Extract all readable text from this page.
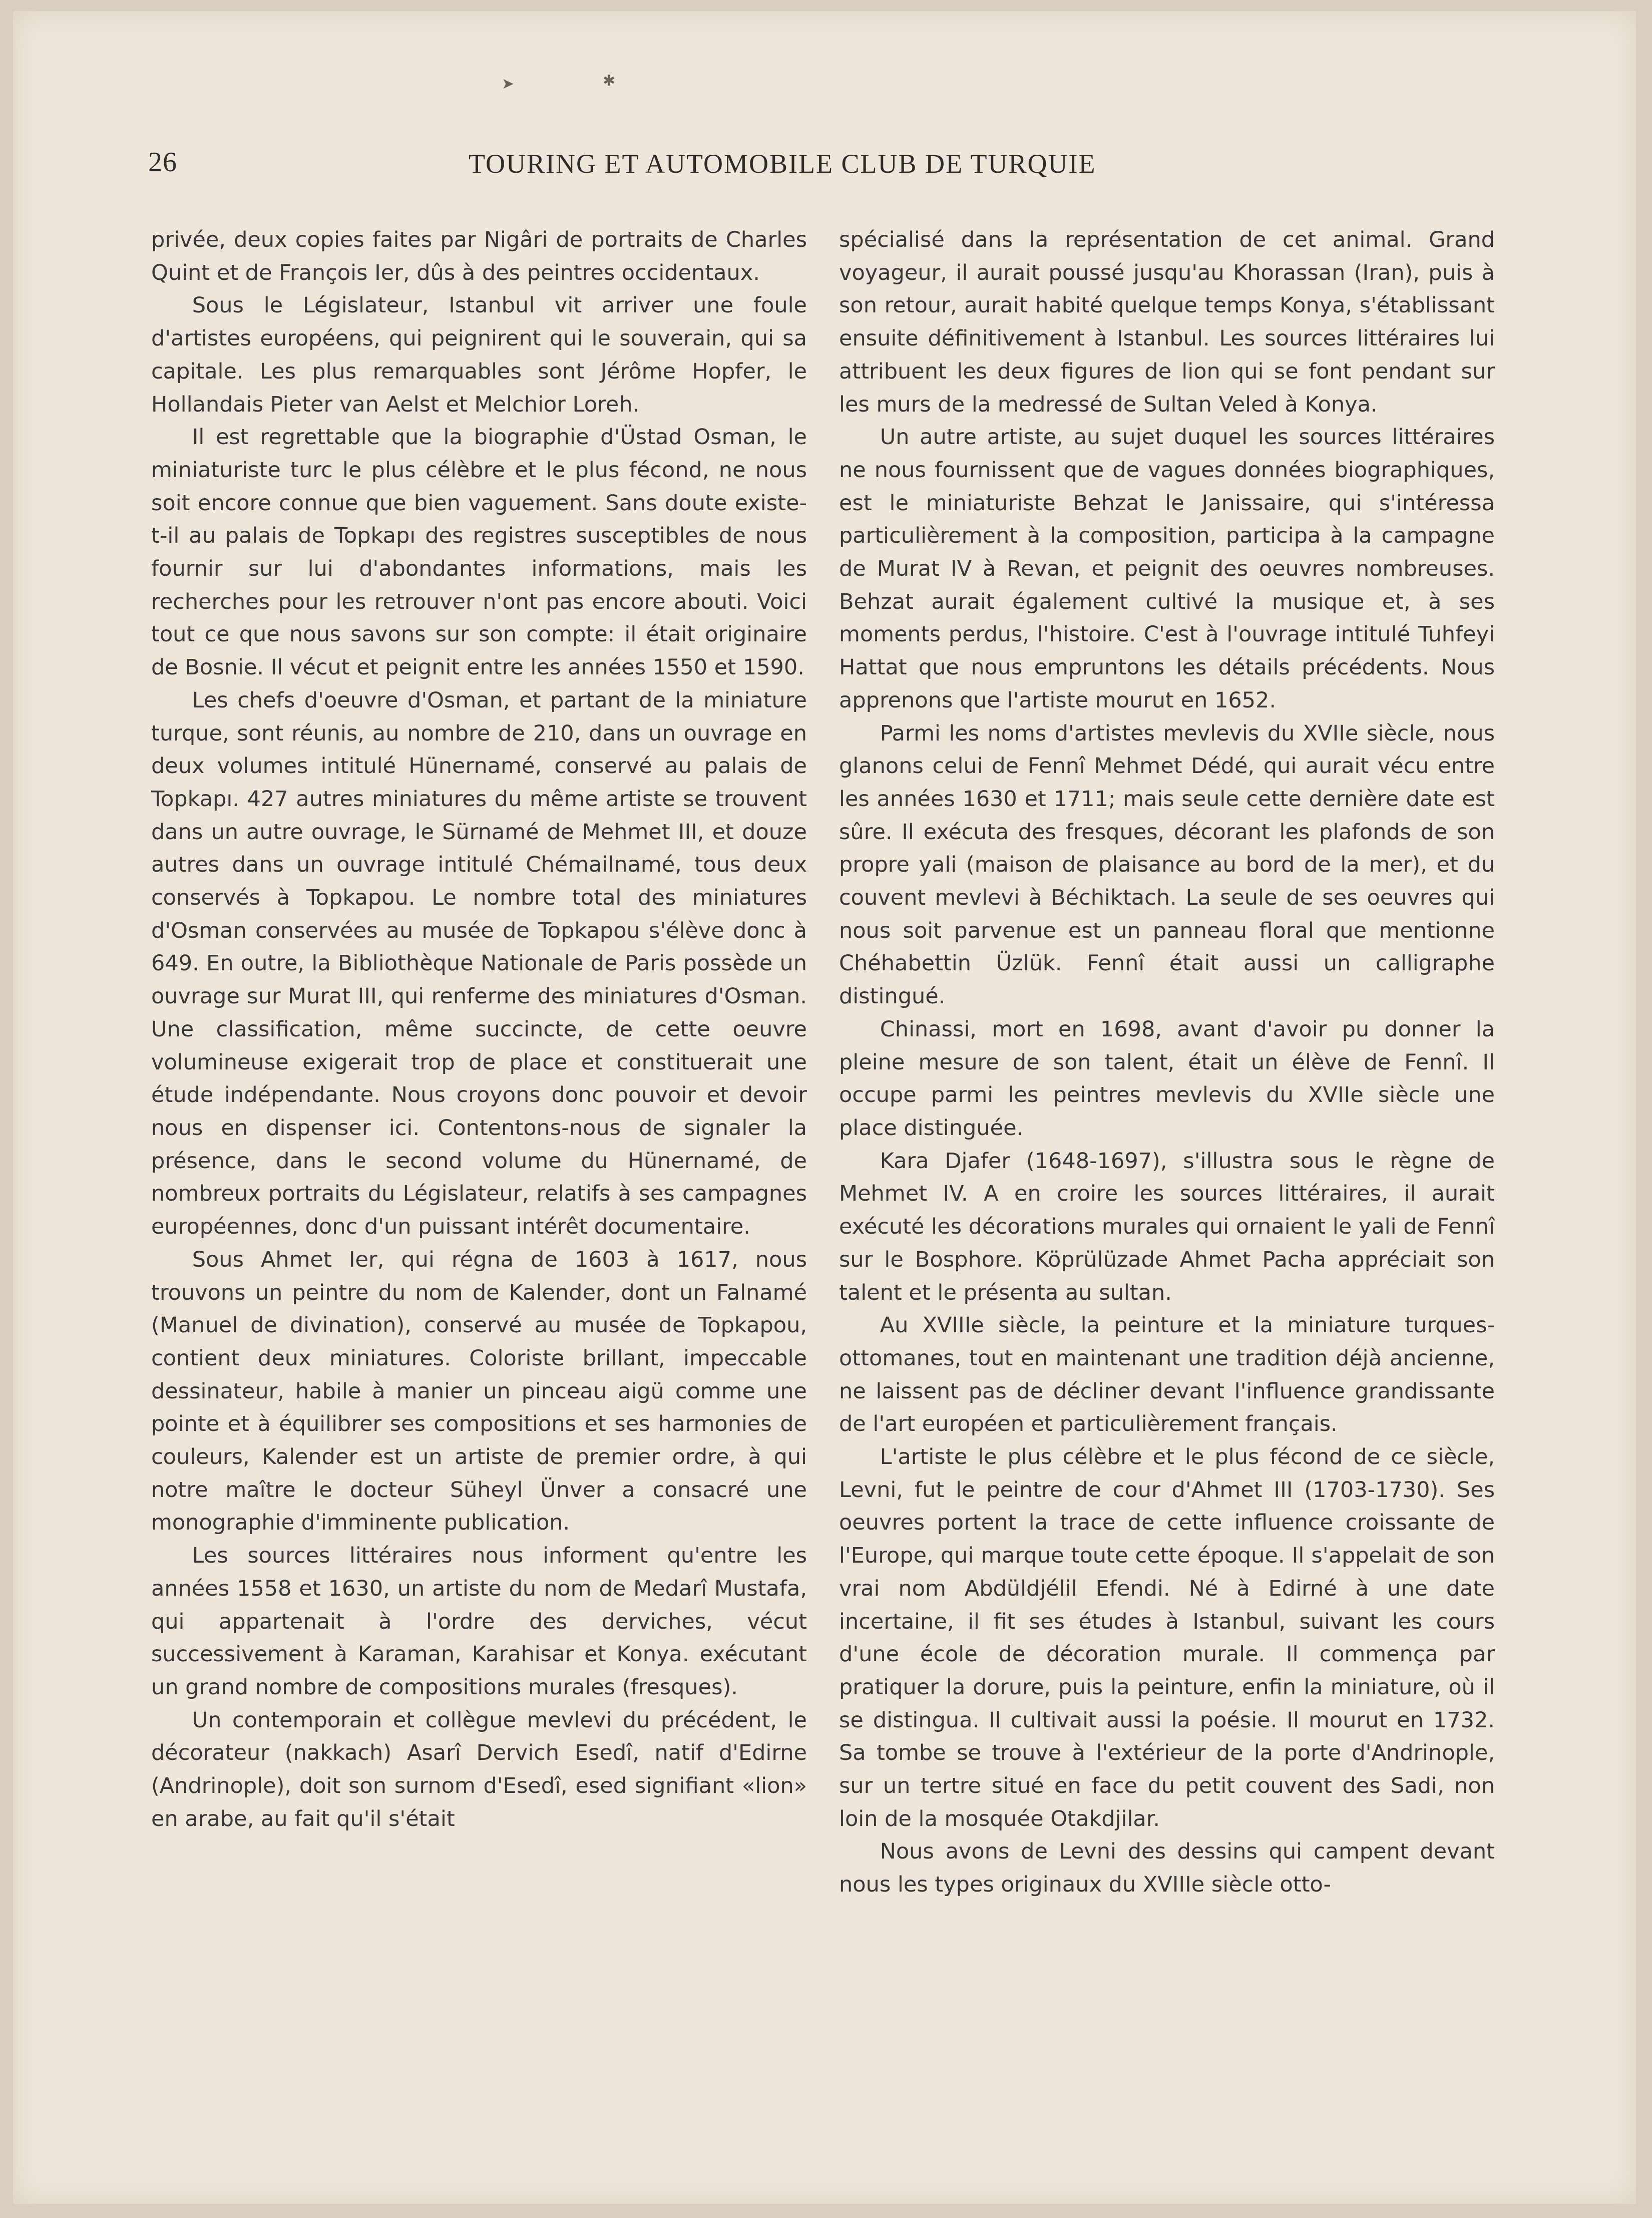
➤	✱
26	TOURING ET AUTOMOBILE CLUB DE TURQUIE

privée, deux copies faites par Nigâri de portraits de Charles Quint et de François Ier, dûs à des peintres occidentaux.

Sous le Législateur, Istanbul vit arriver une foule d'artistes européens, qui peignirent qui le souverain, qui sa capitale. Les plus remarquables sont Jérôme Hopfer, le Hollandais Pieter van Aelst et Melchior Loreh.

Il est regrettable que la biographie d'Üstad Osman, le miniaturiste turc le plus célèbre et le plus fécond, ne nous soit encore connue que bien vaguement. Sans doute existe-t-il au palais de Topkapı des registres susceptibles de nous fournir sur lui d'abondantes informations, mais les recherches pour les retrouver n'ont pas encore abouti. Voici tout ce que nous savons sur son compte: il était originaire de Bosnie. Il vécut et peignit entre les années 1550 et 1590.

Les chefs d'oeuvre d'Osman, et partant de la miniature turque, sont réunis, au nombre de 210, dans un ouvrage en deux volumes intitulé Hünernamé, conservé au palais de Topkapı. 427 autres miniatures du même artiste se trouvent dans un autre ouvrage, le Sürnamé de Mehmet III, et douze autres dans un ouvrage intitulé Chémailnamé, tous deux conservés à Topkapou. Le nombre total des miniatures d'Osman conservées au musée de Topkapou s'élève donc à 649. En outre, la Bibliothèque Nationale de Paris possède un ouvrage sur Murat III, qui renferme des miniatures d'Osman. Une classification, même succincte, de cette oeuvre volumineuse exigerait trop de place et constituerait une étude indépendante. Nous croyons donc pouvoir et devoir nous en dispenser ici. Contentons-nous de signaler la présence, dans le second volume du Hünernamé, de nombreux portraits du Législateur, relatifs à ses campagnes européennes, donc d'un puissant intérêt documentaire.

Sous Ahmet Ier, qui régna de 1603 à 1617, nous trouvons un peintre du nom de Kalender, dont un Falnamé (Manuel de divination), conservé au musée de Topkapou, contient deux miniatures. Coloriste brillant, impeccable dessinateur, habile à manier un pinceau aigü comme une pointe et à équilibrer ses compositions et ses harmonies de couleurs, Kalender est un artiste de premier ordre, à qui notre maître le docteur Süheyl Ünver a consacré une monographie d'imminente publication.

Les sources littéraires nous informent qu'entre les années 1558 et 1630, un artiste du nom de Medarî Mustafa, qui appartenait à l'ordre des derviches, vécut successivement à Karaman, Karahisar et Konya. exécutant un grand nombre de compositions murales (fresques).

Un contemporain et collègue mevlevi du précédent, le décorateur (nakkach) Asarî Dervich Esedî, natif d'Edirne (Andrinople), doit son surnom d'Esedî, esed signifiant «lion» en arabe, au fait qu'il s'était

spécialisé dans la représentation de cet animal. Grand voyageur, il aurait poussé jusqu'au Khorassan (Iran), puis à son retour, aurait habité quelque temps Konya, s'établissant ensuite définitivement à Istanbul. Les sources littéraires lui attribuent les deux figures de lion qui se font pendant sur les murs de la medressé de Sultan Veled à Konya.

Un autre artiste, au sujet duquel les sources littéraires ne nous fournissent que de vagues données biographiques, est le miniaturiste Behzat le Janissaire, qui s'intéressa particulièrement à la composition, participa à la campagne de Murat IV à Revan, et peignit des oeuvres nombreuses. Behzat aurait également cultivé la musique et, à ses moments perdus, l'histoire. C'est à l'ouvrage intitulé Tuhfeyi Hattat que nous empruntons les détails précédents. Nous apprenons que l'artiste mourut en 1652.

Parmi les noms d'artistes mevlevis du XVIIe siècle, nous glanons celui de Fennî Mehmet Dédé, qui aurait vécu entre les années 1630 et 1711; mais seule cette dernière date est sûre. Il exécuta des fresques, décorant les plafonds de son propre yali (maison de plaisance au bord de la mer), et du couvent mevlevi à Béchiktach. La seule de ses oeuvres qui nous soit parvenue est un panneau floral que mentionne Chéhabettin Üzlük. Fennî était aussi un calligraphe distingué.

Chinassi, mort en 1698, avant d'avoir pu donner la pleine mesure de son talent, était un élève de Fennî. Il occupe parmi les peintres mevlevis du XVIIe siècle une place distinguée.

Kara Djafer (1648-1697), s'illustra sous le règne de Mehmet IV. A en croire les sources littéraires, il aurait exécuté les décorations murales qui ornaient le yali de Fennî sur le Bosphore. Köprülüzade Ahmet Pacha appréciait son talent et le présenta au sultan.

Au XVIIIe siècle, la peinture et la miniature turques-ottomanes, tout en maintenant une tradition déjà ancienne, ne laissent pas de décliner devant l'influence grandissante de l'art européen et particulièrement français.

L'artiste le plus célèbre et le plus fécond de ce siècle, Levni, fut le peintre de cour d'Ahmet III (1703-1730). Ses oeuvres portent la trace de cette influence croissante de l'Europe, qui marque toute cette époque. Il s'appelait de son vrai nom Abdüldjélil Efendi. Né à Edirné à une date incertaine, il fit ses études à Istanbul, suivant les cours d'une école de décoration murale. Il commença par pratiquer la dorure, puis la peinture, enfin la miniature, où il se distingua. Il cultivait aussi la poésie. Il mourut en 1732. Sa tombe se trouve à l'extérieur de la porte d'Andrinople, sur un tertre situé en face du petit couvent des Sadi, non loin de la mosquée Otakdjilar.

Nous avons de Levni des dessins qui campent devant nous les types originaux du XVIIIe siècle otto-
